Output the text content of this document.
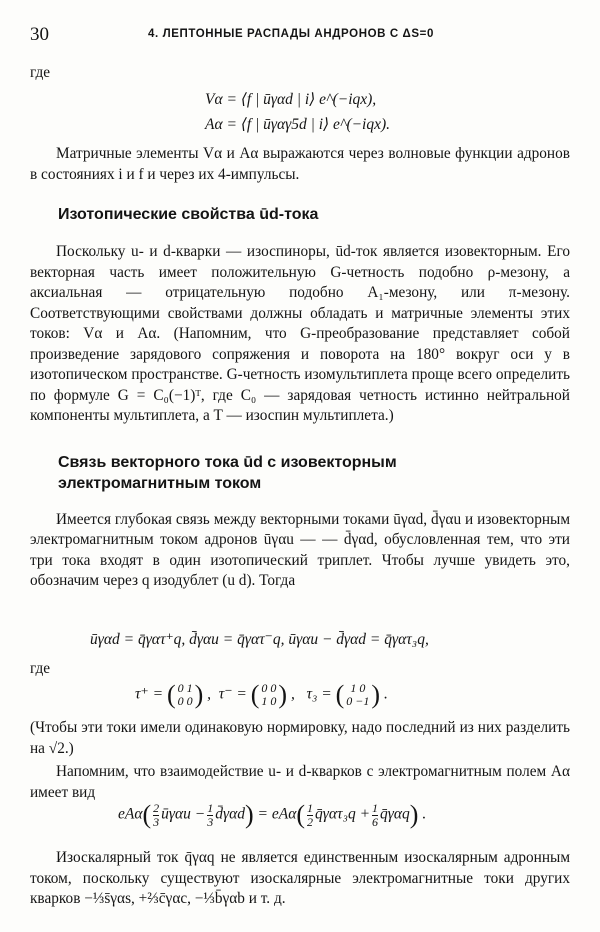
30	4. ЛЕПТОННЫЕ РАСПАДЫ АНДРОНОВ С ΔS=0
где
Vα = ⟨f | ūγαd | i⟩ e^(−iqx),
Aα = ⟨f | ūγαγ5d | i⟩ e^(−iqx).
Матричные элементы Vα и Aα выражаются через волновые функции адронов в состояниях i и f и через их 4-импульсы.
Изотопические свойства ūd-тока
Поскольку u- и d-кварки — изоспиноры, ūd-ток является изовекторным. Его векторная часть имеет положительную G-четность подобно ρ-мезону, а аксиальная — отрицательную подобно A₁-мезону, или π-мезону. Соответствующими свойствами должны обладать и матричные элементы этих токов: Vα и Aα. (Напомним, что G-преобразование представляет собой произведение зарядового сопряжения и поворота на 180° вокруг оси y в изотопическом пространстве. G-четность изомультиплета проще всего определить по формуле G = C₀(−1)ᵀ, где C₀ — зарядовая четность истинно нейтральной компоненты мультиплета, а T — изоспин мультиплета.)
Связь векторного тока ūd с изовекторным
электромагнитным током
Имеется глубокая связь между векторными токами ūγαd, d̄γαu и изовекторным электромагнитным током адронов ūγαu — — d̄γαd, обусловленная тем, что эти три тока входят в один изотопический триплет. Чтобы лучше увидеть это, обозначим через q изодублет (u d). Тогда
ūγαd = q̄γατ⁺q, d̄γαu = q̄γατ⁻q, ūγαu − d̄γαd = q̄γατ₃q,
где
τ⁺ = ( 0 1
0 0 ) ,  τ⁻ = ( 0 0
1 0 ) ,   τ₃ = ( 1 0
0 −1 ) .
(Чтобы эти токи имели одинаковую нормировку, надо последний из них разделить на √2.)
Напомним, что взаимодействие u- и d-кварков с электромагнитным полем Aα имеет вид
$eA\alpha( \frac{2}{3}$ ūγαu − $\frac{1}{3}$ d̄γαd) = $eA\alpha( \frac{1}{2}$ q̄γατ₃q + $\frac{1}{6}$ q̄γαq) .
Изоскалярный ток q̄γαq не является единственным изоскалярным адронным током, поскольку существуют изоскалярные электромагнитные токи других кварков −⅓s̄γαs, +⅔c̄γαc, −⅓b̄γαb и т. д.
